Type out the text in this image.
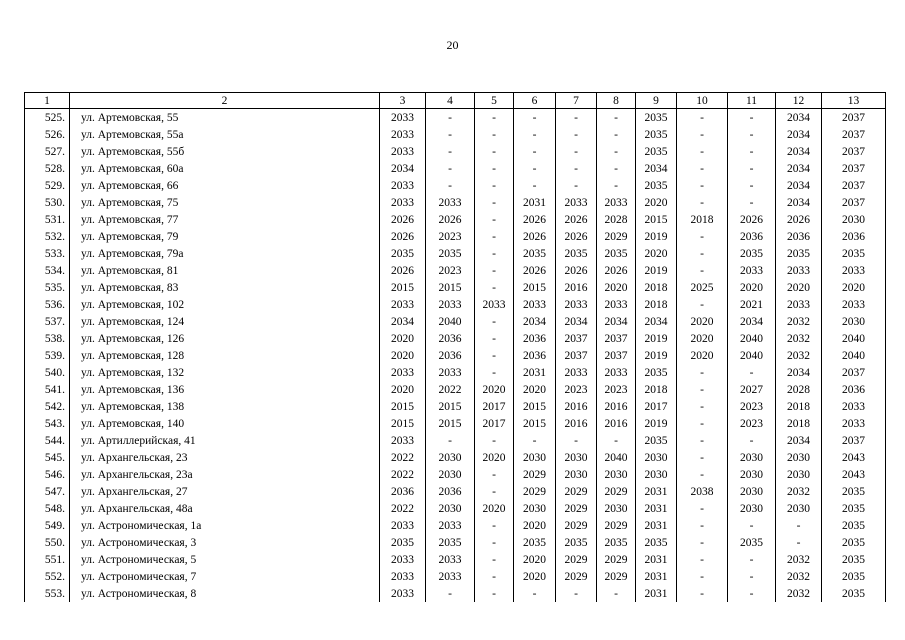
20
1	2	3	4	5	6	7	8	9	10	11	12	13
525.	ул. Артемовская, 55	2033	-	-	-	-	-	2035	-	-	2034	2037
526.	ул. Артемовская, 55а	2033	-	-	-	-	-	2035	-	-	2034	2037
527.	ул. Артемовская, 55б	2033	-	-	-	-	-	2035	-	-	2034	2037
528.	ул. Артемовская, 60а	2034	-	-	-	-	-	2034	-	-	2034	2037
529.	ул. Артемовская, 66	2033	-	-	-	-	-	2035	-	-	2034	2037
530.	ул. Артемовская, 75	2033	2033	-	2031	2033	2033	2020	-	-	2034	2037
531.	ул. Артемовская, 77	2026	2026	-	2026	2026	2028	2015	2018	2026	2026	2030
532.	ул. Артемовская, 79	2026	2023	-	2026	2026	2029	2019	-	2036	2036	2036
533.	ул. Артемовская, 79а	2035	2035	-	2035	2035	2035	2020	-	2035	2035	2035
534.	ул. Артемовская, 81	2026	2023	-	2026	2026	2026	2019	-	2033	2033	2033
535.	ул. Артемовская, 83	2015	2015	-	2015	2016	2020	2018	2025	2020	2020	2020
536.	ул. Артемовская, 102	2033	2033	2033	2033	2033	2033	2018	-	2021	2033	2033
537.	ул. Артемовская, 124	2034	2040	-	2034	2034	2034	2034	2020	2034	2032	2030
538.	ул. Артемовская, 126	2020	2036	-	2036	2037	2037	2019	2020	2040	2032	2040
539.	ул. Артемовская, 128	2020	2036	-	2036	2037	2037	2019	2020	2040	2032	2040
540.	ул. Артемовская, 132	2033	2033	-	2031	2033	2033	2035	-	-	2034	2037
541.	ул. Артемовская, 136	2020	2022	2020	2020	2023	2023	2018	-	2027	2028	2036
542.	ул. Артемовская, 138	2015	2015	2017	2015	2016	2016	2017	-	2023	2018	2033
543.	ул. Артемовская, 140	2015	2015	2017	2015	2016	2016	2019	-	2023	2018	2033
544.	ул. Артиллерийская, 41	2033	-	-	-	-	-	2035	-	-	2034	2037
545.	ул. Архангельская, 23	2022	2030	2020	2030	2030	2040	2030	-	2030	2030	2043
546.	ул. Архангельская, 23а	2022	2030	-	2029	2030	2030	2030	-	2030	2030	2043
547.	ул. Архангельская, 27	2036	2036	-	2029	2029	2029	2031	2038	2030	2032	2035
548.	ул. Архангельская, 48а	2022	2030	2020	2030	2029	2030	2031	-	2030	2030	2035
549.	ул. Астрономическая, 1а	2033	2033	-	2020	2029	2029	2031	-	-	-	2035
550.	ул. Астрономическая, 3	2035	2035	-	2035	2035	2035	2035	-	2035	-	2035
551.	ул. Астрономическая, 5	2033	2033	-	2020	2029	2029	2031	-	-	2032	2035
552.	ул. Астрономическая, 7	2033	2033	-	2020	2029	2029	2031	-	-	2032	2035
553.	ул. Астрономическая, 8	2033	-	-	-	-	-	2031	-	-	2032	2035
